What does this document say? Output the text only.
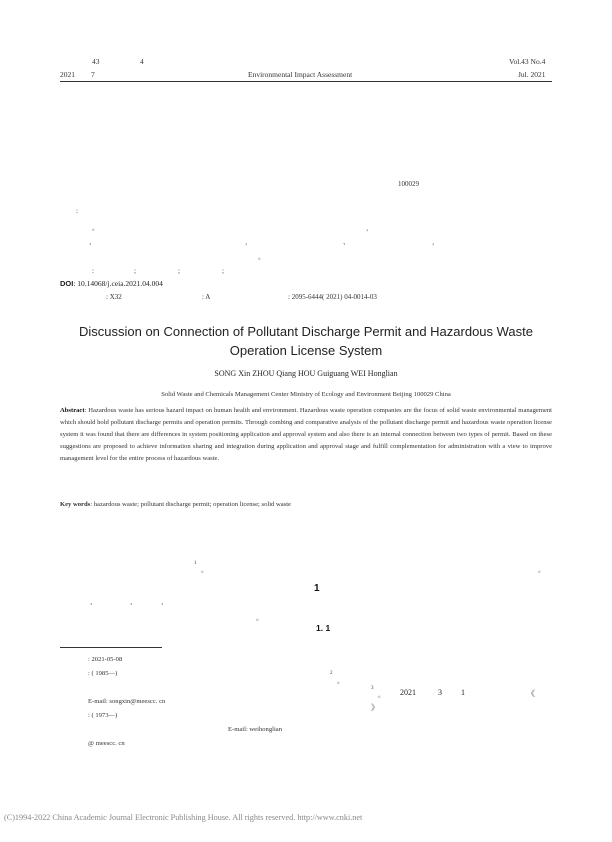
43	4
2021 7	Environmental Impact Assessment
Vol.43 No.4
Jul. 2021
100029
:
。	，
、	，	、	，
。
:	;	;	;
DOI: 10.14068/j.ceia.2021.04.004
: X32	: A	: 2095-6444( 2021) 04-0014-03
Discussion on Connection of Pollutant Discharge Permit and Hazardous Waste Operation License System
SONG Xin ZHOU Qiang HOU Guiguang WEI Honglian
Solid Waste and Chemicals Management Center Ministry of Ecology and Environment Beijing 100029 China
Abstract: Hazardous waste has serious hazard impact on human health and environment. Hazardous waste operation companies are the focus of solid waste environmental management which should hold pollutant discharge permits and operation permits. Through combing and comparative analysis of the pollutant discharge permit and hazardous waste operation license system it was found that there are differences in system positioning application and approval system and also there is an internal connection between two types of permit. Based on these suggestions are proposed to achieve information sharing and integration during application and approval stage and fulfill complementation for administration with a view to improve management level for the entire process of hazardous waste.
Key words: hazardous waste; pollutant discharge permit; operation license; solid waste
1
。
、	、	、
。
。
1
1. 1
2
。
3
。 2021	3 1	《
》
: 2021-05-08
: ( 1985—)
E-mail: songxin@meescc. cn
: ( 1973—)
E-mail: weihonglian
@ meescc. cn
(C)1994-2022 China Academic Journal Electronic Publishing House. All rights reserved. http://www.cnki.net
